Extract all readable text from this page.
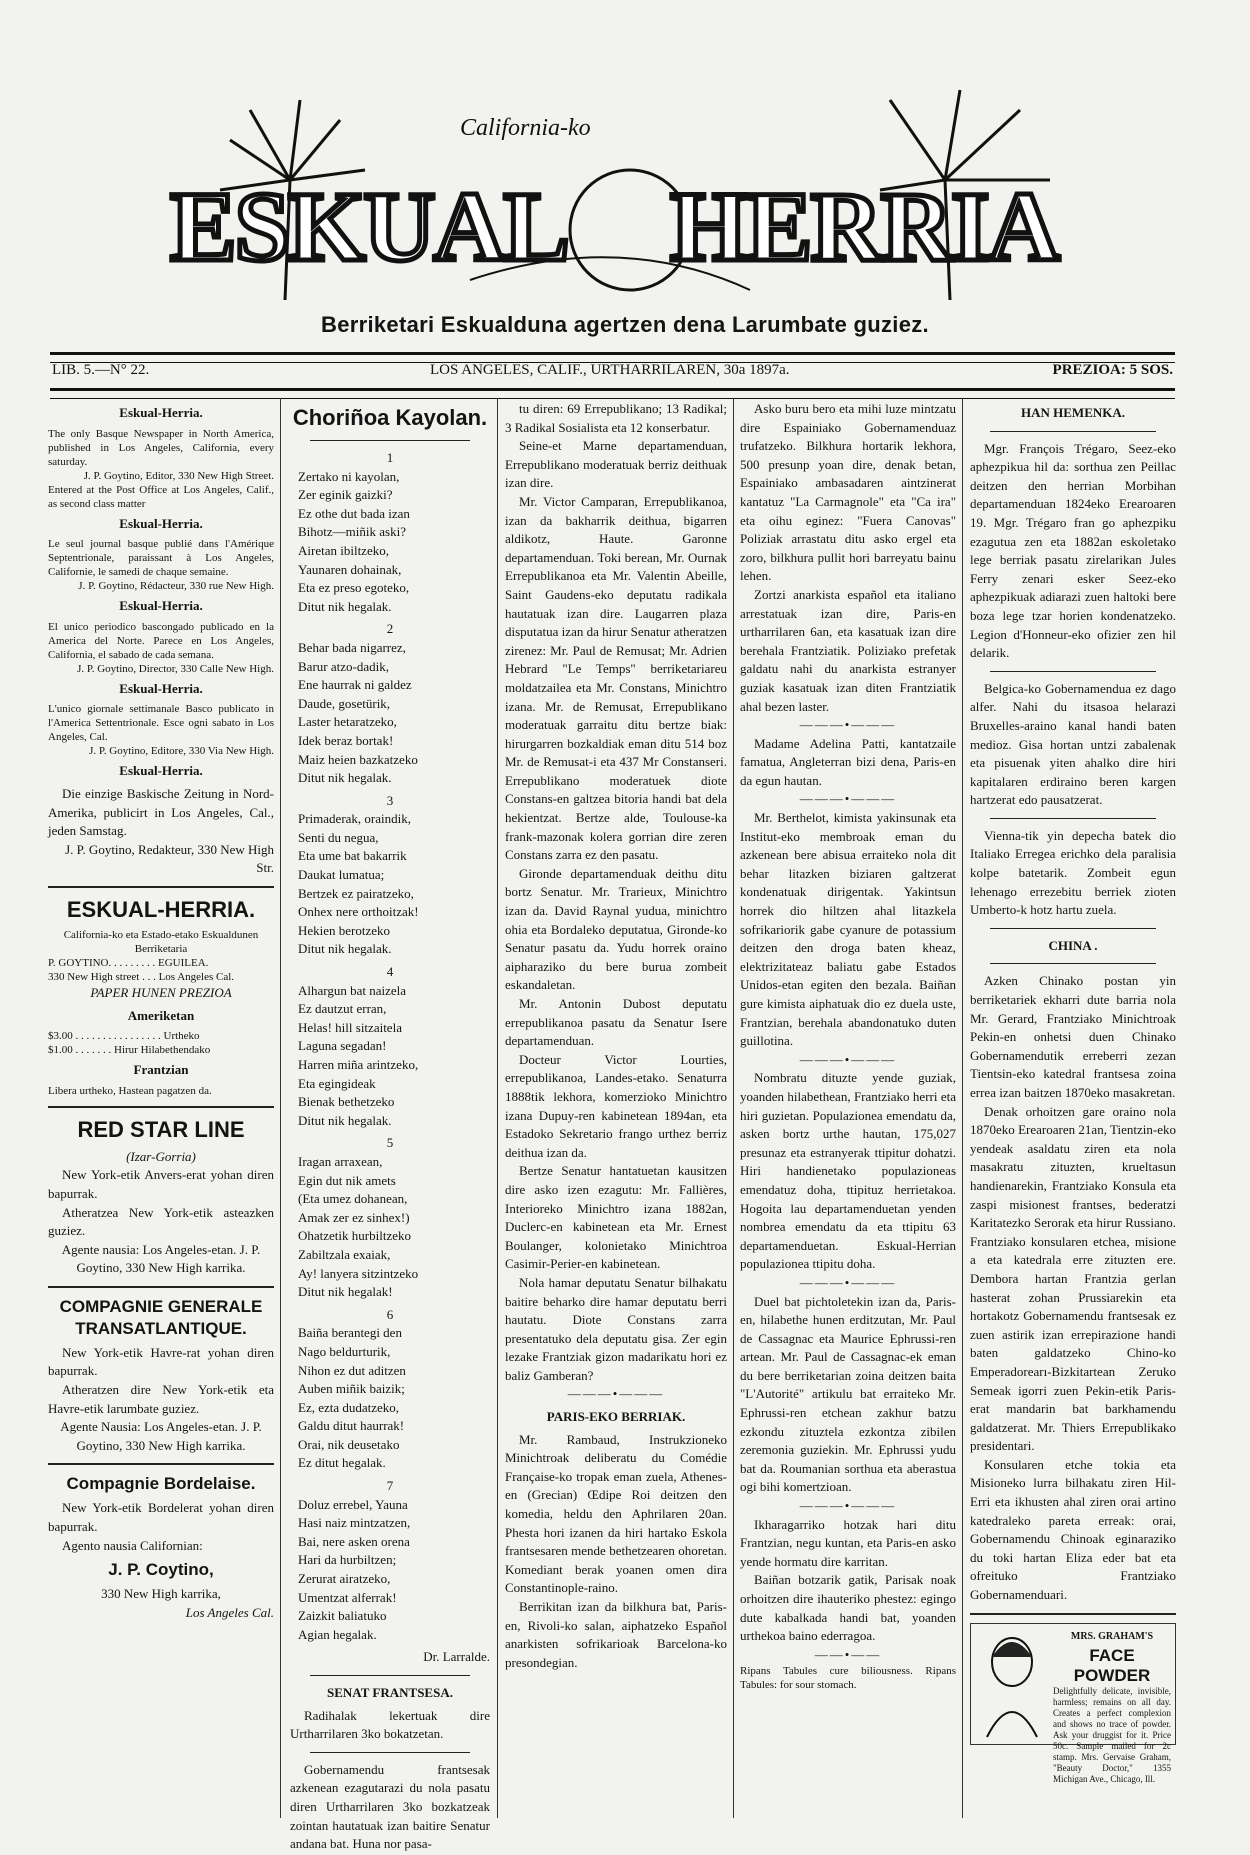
California-ko
ESKUAL HERRIA
Berriketari Eskualduna agertzen dena Larumbate guziez.
LIB. 5.—N° 22.	LOS ANGELES, CALIF., URTHARRILAREN, 30a 1897a.	PREZIOA: 5 SOS.
Eskual-Herria.
The only Basque Newspaper in North America, published in Los Angeles, California, every saturday.
J. P. Goytino, Editor, 330 New High Street.
Entered at the Post Office at Los Angeles, Calif., as second class matter
Eskual-Herria.
Le seul journal basque publié dans l'Amérique Septentrionale, paraissant à Los Angeles, Californie, le samedi de chaque semaine.
J. P. Goytino, Rédacteur, 330 rue New High.
Eskual-Herria.
El unico periodico bascongado publicado en la America del Norte. Parece en Los Angeles, California, el sabado de cada semana.
J. P. Goytino, Director, 330 Calle New High.
Eskual-Herria.
L'unico giornale settimanale Basco publicato in l'America Settentrionale. Esce ogni sabato in Los Angeles, Cal.
J. P. Goytino, Editore, 330 Via New High.
Eskual-Herria.

Die einzige Baskische Zeitung in Nord-Amerika, publicirt in Los Angeles, Cal., jeden Samstag.

J. P. Goytino, Redakteur, 330 New High Str.
ESKUAL-HERRIA.
California-ko eta Estado-etako Eskualdunen Berriketaria
P. GOYTINO. . . . . . . . . EGUILEA.
330 New High street . . . Los Angeles Cal.
PAPER HUNEN PREZIOA
Ameriketan
$3.00 . . . . . . . . . . . . . . . . Urtheko
$1.00 . . . . . . . Hirur Hilabethendako
Frantzian
Libera urtheko, Hastean pagatzen da.
RED STAR LINE
(Izar-Gorria)

New York-etik Anvers-erat yohan diren bapurrak.

Atheratzea New York-etik asteazken guziez.

Agente nausia: Los Angeles-etan. J. P. Goytino, 330 New High karrika.
COMPAGNIE GENERALE TRANSATLANTIQUE.

New York-etik Havre-rat yohan diren bapurrak.

Atheratzen dire New York-etik eta Havre-etik larumbate guziez.

Agente Nausia: Los Angeles-etan. J. P. Goytino, 330 New High karrika.
Compagnie Bordelaise.

New York-etik Bordelerat yohan diren bapurrak.

Agento nausia Californian:

J. P. Coytino,
330 New High karrika,
Los Angeles Cal.
Choriñoa Kayolan.
1
Zertako ni kayolan,
Zer eginik gaizki?
Ez othe dut bada izan
Bihotz—miñik aski?
Airetan ibiltzeko,
Yaunaren dohainak,
Eta ez preso egoteko,
Ditut nik hegalak.
2
Behar bada nigarrez,
Barur atzo-dadik,
Ene haurrak ni galdez
Daude, gosetürik,
Laster hetaratzeko,
Idek beraz bortak!
Maiz heien bazkatzeko
Ditut nik hegalak.
3
Primaderak, oraindik,
Senti du negua,
Eta ume bat bakarrik
Daukat lumatua;
Bertzek ez pairatzeko,
Onhex nere orthoitzak!
Hekien berotzeko
Ditut nik hegalak.
4
Alhargun bat naizela
Ez dautzut erran,
Helas! hill sitzaitela
Laguna segadan!
Harren miña arintzeko,
Eta egingideak
Bienak bethetzeko
Ditut nik hegalak.
5
Iragan arraxean,
Egin dut nik amets
(Eta umez dohanean,
Amak zer ez sinhex!)
Ohatzetik hurbiltzeko
Zabiltzala exaiak,
Ay! lanyera sitzintzeko
Ditut nik hegalak!
6
Baiña berantegi den
Nago beldurturik,
Nihon ez dut aditzen
Auben miñik baizik;
Ez, ezta dudatzeko,
Galdu ditut haurrak!
Orai, nik deusetako
Ez ditut hegalak.
7
Doluz errebel, Yauna
Hasi naiz mintzatzen,
Bai, nere asken orena
Hari da hurbiltzen;
Zerurat airatzeko,
Umentzat alferrak!
Zaizkit baliatuko
Agian hegalak.
Dr. Larralde.
SENAT FRANTSESA.

Radihalak lekertuak dire Urtharrilaren 3ko bokatzetan.

Gobernamendu frantsesak azkenean ezagutarazi du nola pasatu diren Urtharrilaren 3ko bozkatzeak zointan hautatuak izan baitire Senatur andana bat. Huna nor pasa-

tu diren: 69 Errepublikano; 13 Radikal; 3 Radikal Sosialista eta 12 konserbatur.

Seine-et Marne departamenduan, Errepublikano moderatuak berriz deithuak izan dire.

Mr. Victor Camparan, Errepublikanoa, izan da bakharrik deithua, bigarren aldikotz, Haute. Garonne departamenduan. Toki berean, Mr. Ournak Errepublikanoa eta Mr. Valentin Abeille, Saint Gaudens-eko deputatu radikala hautatuak izan dire. Laugarren plaza disputatua izan da hirur Senatur atheratzen zirenez: Mr. Paul de Remusat; Mr. Adrien Hebrard "Le Temps" berriketariareu moldatzailea eta Mr. Constans, Minichtro izana. Mr. de Remusat, Errepublikano moderatuak garraitu ditu bertze biak: hirurgarren bozkaldiak eman ditu 514 boz Mr. de Remusat-i eta 437 Mr Constanseri. Errepublikano moderatuek diote Constans-en galtzea bitoria handi bat dela hekientzat. Bertze alde, Toulouse-ka frank-mazonak kolera gorrian dire zeren Constans zarra ez den pasatu.

Gironde departamenduak deithu ditu bortz Senatur. Mr. Trarieux, Minichtro izan da. David Raynal yudua, minichtro ohia eta Bordaleko deputatua, Gironde-ko Senatur pasatu da. Yudu horrek oraino aipharaziko du bere burua zombeit eskandaletan.

Mr. Antonin Dubost deputatu errepublikanoa pasatu da Senatur Isere departamenduan.

Docteur Victor Lourties, errepublikanoa, Landes-etako. Senaturra 1888tik lekhora, komerzioko Minichtro izana Dupuy-ren kabinetean 1894an, eta Estadoko Sekretario frango urthez berriz deithua izan da.

Bertze Senatur hantatuetan kausitzen dire asko izen ezagutu: Mr. Fallières, Interioreko Minichtro izana 1882an, Duclerc-en kabinetean eta Mr. Ernest Boulanger, kolonietako Minichtroa Casimir-Perier-en kabinetean.

Nola hamar deputatu Senatur bilhakatu baitire beharko dire hamar deputatu berri hautatu. Diote Constans zarra presentatuko dela deputatu gisa. Zer egin lezake Frantziak gizon madarikatu hori ez baliz Gamberan?

———•———
PARIS-EKO BERRIAK.

Mr. Rambaud, Instrukzioneko Minichtroak deliberatu du Comédie Française-ko tropak eman zuela, Athenes-en (Grecian) Œdipe Roi deitzen den komedia, heldu den Aphrilaren 20an. Phesta hori izanen da hiri hartako Eskola frantsesaren mende bethetzearen ohoretan. Komediant berak yoanen omen dira Constantinople-raino.

Berrikitan izan da bilkhura bat, Paris-en, Rivoli-ko salan, aiphatzeko Español anarkisten sofrikarioak Barcelona-ko presondegian.

Asko buru bero eta mihi luze mintzatu dire Espainiako Gobernamenduaz trufatzeko. Bilkhura hortarik lekhora, 500 presunp yoan dire, denak betan, Espainiako ambasadaren aintzinerat kantatuz "La Carmagnole" eta "Ca ira" eta oihu eginez: "Fuera Canovas" Poliziak arrastatu ditu asko ergel eta zoro, bilkhura pullit hori barreyatu bainu lehen.

Zortzi anarkista español eta italiano arrestatuak izan dire, Paris-en urtharrilaren 6an, eta kasatuak izan dire berehala Frantziatik. Poliziako prefetak galdatu nahi du anarkista estranyer guziak kasatuak izan diten Frantziatik ahal bezen laster.

———•———

Madame Adelina Patti, kantatzaile famatua, Angleterran bizi dena, Paris-en da egun hautan.

———•———

Mr. Berthelot, kimista yakinsunak eta Institut-eko membroak eman du azkenean bere abisua erraiteko nola dit behar litazken biziaren galtzerat kondenatuak dirigentak. Yakintsun horrek dio hiltzen ahal litazkela sofrikariorik gabe cyanure de potassium deitzen den droga baten kheaz, elektrizitateaz baliatu gabe Estados Unidos-etan egiten den bezala. Baiñan gure kimista aiphatuak dio ez duela uste, Frantzian, berehala abandonatuko duten guillotina.

———•———

Nombratu dituzte yende guziak, yoanden hilabethean, Frantziako herri eta hiri guzietan. Populazionea emendatu da, asken bortz urthe hautan, 175,027 presunaz eta estranyerak ttipitur dohatzi. Hiri handienetako populazioneas emendatuz doha, ttipituz herrietakoa. Hogoita lau departamenduetan yenden nombrea emendatu da eta ttipitu 63 departamenduetan. Eskual-Herrian populazionea ttipitu doha.

———•———

Duel bat pichtoletekin izan da, Paris-en, hilabethe hunen erditzutan, Mr. Paul de Cassagnac eta Maurice Ephrussi-ren artean. Mr. Paul de Cassagnac-ek eman du bere berriketarian zoina deitzen baita "L'Autorité" artikulu bat erraiteko Mr. Ephrussi-ren etchean zakhur batzu ezkondu zituztela ezkontza zibilen zeremonia guziekin. Mr. Ephrussi yudu bat da. Roumanian sorthua eta aberastua ogi bihi komertzioan.

———•———

Ikharagarriko hotzak hari ditu Frantzian, negu kuntan, eta Paris-en asko yende hormatu dire karritan.

Baiñan botzarik gatik, Parisak noak orhoitzen dire ihauteriko phestez: egingo dute kabalkada handi bat, yoanden urthekoa baino ederragoa.

——•——
Ripans Tabules cure biliousness. Ripans Tabules: for sour stomach.
HAN HEMENKA.

Mgr. François Trégaro, Seez-eko aphezpikua hil da: sorthua zen Peillac deitzen den herrian Morbihan departamenduan 1824eko Erearoaren 19. Mgr. Trégaro fran go aphezpiku ezagutua zen eta 1882an eskoletako lege berriak pasatu zirelarikan Jules Ferry zenari esker Seez-eko aphezpikuak adiarazi zuen haltoki bere boza lege tzar horien kondenatzeko. Legion d'Honneur-eko ofizier zen hil delarik.

Belgica-ko Gobernamendua ez dago alfer. Nahi du itsasoa helarazi Bruxelles-araino kanal handi baten medioz. Gisa hortan untzi zabalenak eta pisuenak yiten ahalko dire hiri kapitalaren erdiraino beren kargen hartzerat edo pausatzerat.

Vienna-tik yin depecha batek dio Italiako Erregea erichko dela paralisia kolpe batetarik. Zombeit egun lehenago errezebitu berriek zioten Umberto-k hotz hartu zuela.

CHINA .

Azken Chinako postan yin berriketariek ekharri dute barria nola Mr. Gerard, Frantziako Minichtroak Pekin-en onhetsi duen Chinako Gobernamendutik erreberri zezan Tientsin-eko katedral frantsesa zoina errea izan baitzen 1870eko masakretan.

Denak orhoitzen gare oraino nola 1870eko Erearoaren 21an, Tientzin-eko yendeak asaldatu ziren eta nola masakratu zituzten, krueltasun handienarekin, Frantziako Konsula eta zaspi misionest frantses, bederatzi Karitatezko Serorak eta hirur Russiano. Frantziako konsularen etchea, misione a eta katedrala erre zituzten ere. Dembora hartan Frantzia gerlan hasterat zohan Prussiarekin eta hortakotz Gobernamendu frantsesak ez zuen astirik izan errepirazione handi baten galdatzeko Chino-ko Emperadorearı-Bizkitartean Zeruko Semeak igorri zuen Pekin-etik Paris-erat mandarin bat barkhamendu galdatzerat. Mr. Thiers Errepublikako presidentari.

Konsularen etche tokia eta Misioneko lurra bilhakatu ziren Hil-Erri eta ikhusten ahal ziren orai artino katedraleko pareta erreak: orai, Gobernamendu Chinoak eginaraziko du toki hartan Eliza eder bat eta ofreituko Frantziako Gobernamenduari.

MRS. GRAHAM'S
FACE POWDER
Delightfully delicate, invisible, harmless; remains on all day. Creates a perfect complexion and shows no trace of powder. Ask your druggist for it. Price 50c. Sample mailed for 2c stamp. Mrs. Gervaise Graham, "Beauty Doctor," 1355 Michigan Ave., Chicago, Ill.
